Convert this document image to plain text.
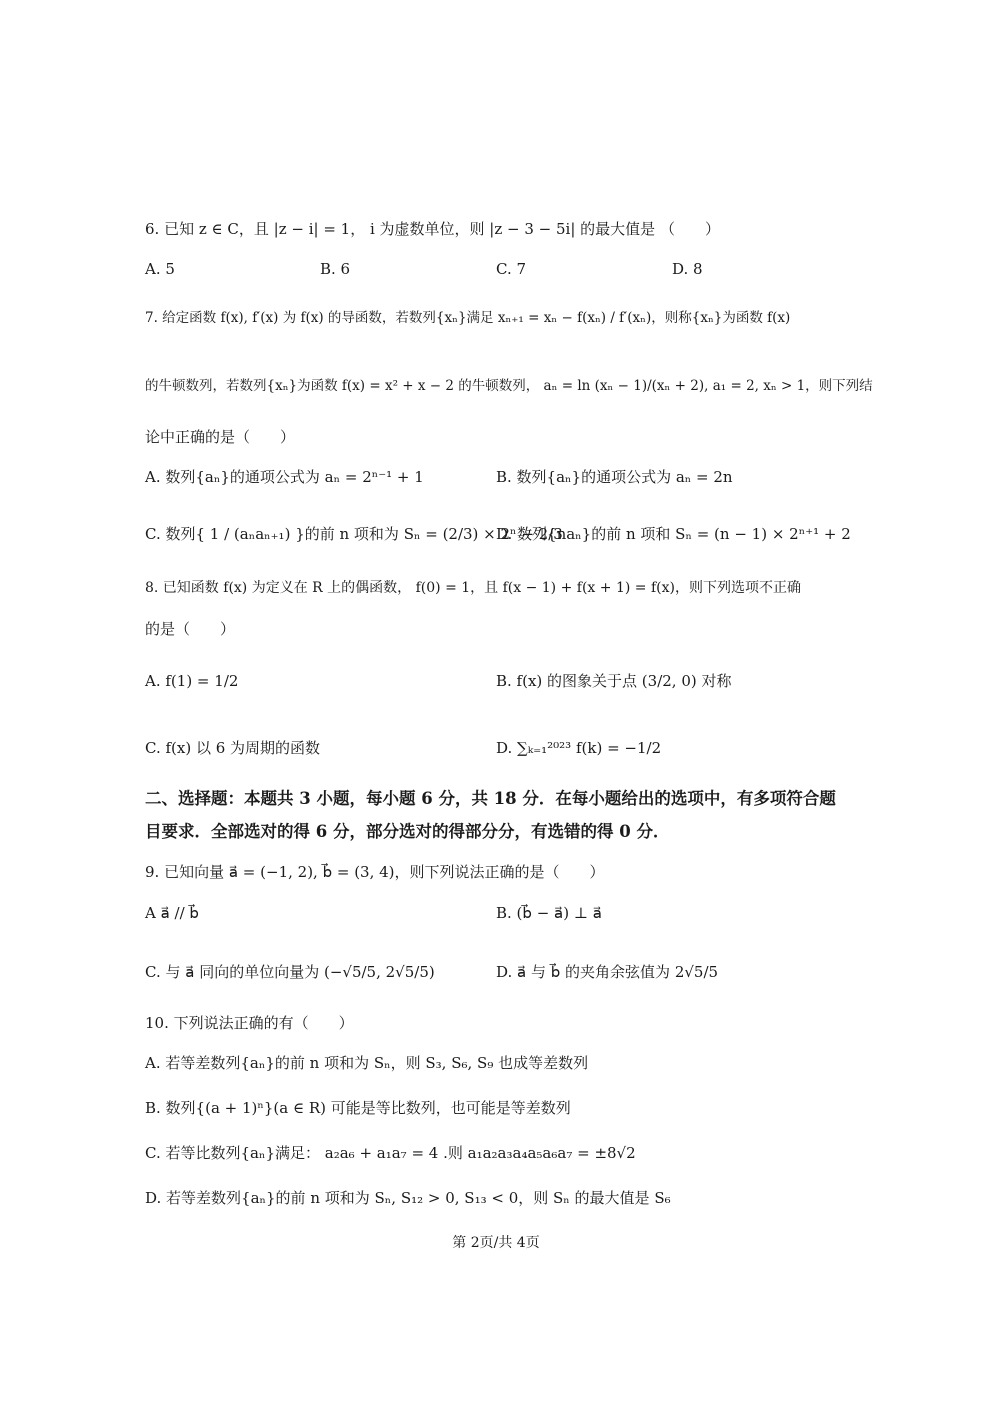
6. 已知 z ∈ C，且 |z − i| = 1， i 为虚数单位，则 |z − 3 − 5i| 的最大值是 （　　）
A. 5	B. 6	C. 7	D. 8
7. 给定函数 f(x), f′(x) 为 f(x) 的导函数，若数列{xₙ}满足 xₙ₊₁ = xₙ − f(xₙ) / f′(xₙ)，则称{xₙ}为函数 f(x)
的牛顿数列，若数列{xₙ}为函数 f(x) = x² + x − 2 的牛顿数列， aₙ = ln (xₙ − 1)/(xₙ + 2), a₁ = 2, xₙ > 1，则下列结
论中正确的是（　　）
A. 数列{aₙ}的通项公式为 aₙ = 2ⁿ⁻¹ + 1	B. 数列{aₙ}的通项公式为 aₙ = 2n
C. 数列{ 1 / (aₙaₙ₊₁) }的前 n 项和为 Sₙ = (2/3) × 2ⁿ − 2/3
D. 数列{naₙ}的前 n 项和 Sₙ = (n − 1) × 2ⁿ⁺¹ + 2
8. 已知函数 f(x) 为定义在 R 上的偶函数， f(0) = 1，且 f(x − 1) + f(x + 1) = f(x)，则下列选项不正确
的是（　　）
A. f(1) = 1/2	B. f(x) 的图象关于点 (3/2, 0) 对称
C. f(x) 以 6 为周期的函数	D. ∑ₖ₌₁²⁰²³ f(k) = −1/2
二、选择题：本题共 3 小题，每小题 6 分，共 18 分．在每小题给出的选项中，有多项符合题
目要求．全部选对的得 6 分，部分选对的得部分分，有选错的得 0 分．
9. 已知向量 a⃗ = (−1, 2), b⃗ = (3, 4)，则下列说法正确的是（　　）
A a⃗ // b⃗	B. (b⃗ − a⃗) ⊥ a⃗
C. 与 a⃗ 同向的单位向量为 (−√5/5, 2√5/5)	D. a⃗ 与 b⃗ 的夹角余弦值为 2√5/5
10. 下列说法正确的有（　　）
A. 若等差数列{aₙ}的前 n 项和为 Sₙ，则 S₃, S₆, S₉ 也成等差数列
B. 数列{(a + 1)ⁿ}(a ∈ R) 可能是等比数列，也可能是等差数列
C. 若等比数列{aₙ}满足： a₂a₆ + a₁a₇ = 4 .则 a₁a₂a₃a₄a₅a₆a₇ = ±8√2
D. 若等差数列{aₙ}的前 n 项和为 Sₙ, S₁₂ > 0, S₁₃ < 0，则 Sₙ 的最大值是 S₆
第 2页/共 4页
